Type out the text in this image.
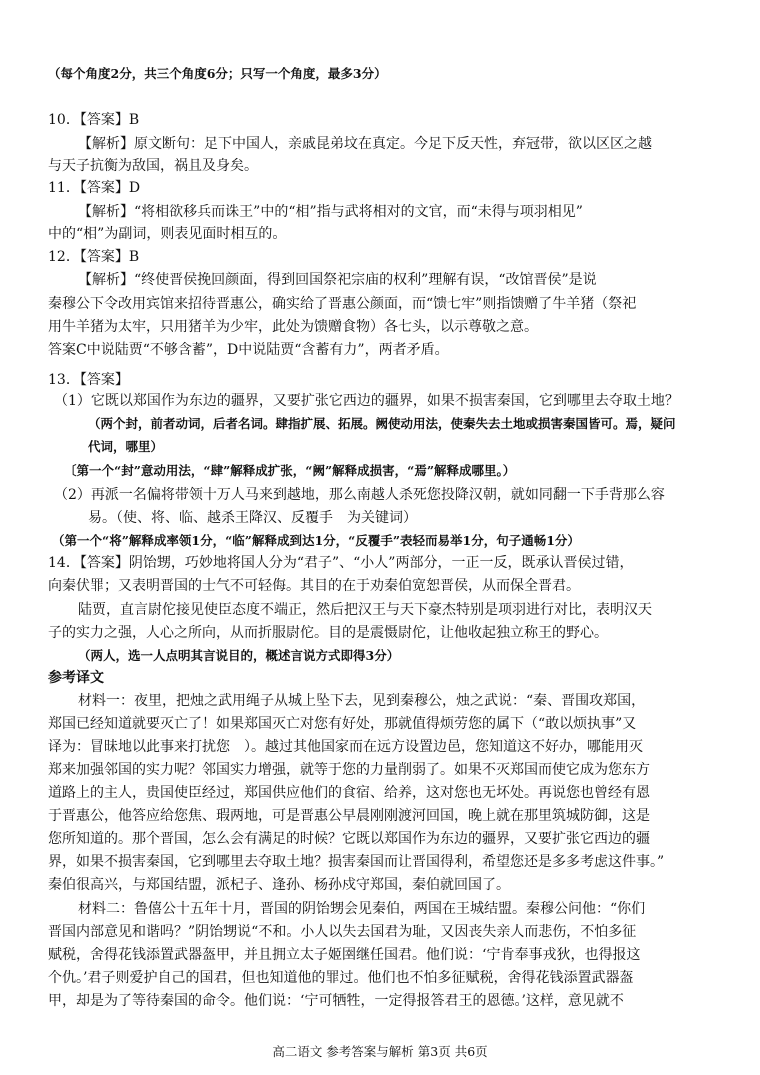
（每个角度2分，共三个角度6分；只写一个角度，最多3分）
10．【答案】B
【解析】原文断句：足下中国人，亲戚昆弟坟在真定。今足下反天性，弃冠带，欲以区区之越
与天子抗衡为敌国，祸且及身矣。
11．【答案】D
【解析】“将相欲移兵而诛王”中的“相”指与武将相对的文官，而“未得与项羽相见”
中的“相”为副词，则表见面时相互的。
12．【答案】B
【解析】“终使晋侯挽回颜面，得到回国祭祀宗庙的权利”理解有误，“改馆晋侯”是说
秦穆公下令改用宾馆来招待晋惠公，确实给了晋惠公颜面，而“馈七牢”则指馈赠了牛羊猪（祭祀
用牛羊猪为太牢，只用猪羊为少牢，此处为馈赠食物）各七头，以示尊敬之意。
答案C中说陆贾“不够含蓄”，D中说陆贾“含蓄有力”，两者矛盾。
13．【答案】
（1）它既以郑国作为东边的疆界，又要扩张它西边的疆界，如果不损害秦国，它到哪里去夺取土地？
（两个封，前者动词，后者名词。肆指扩展、拓展。阙使动用法，使秦失去土地或损害秦国皆可。焉，疑问
代词，哪里）
〔第一个“封”意动用法，“肆”解释成扩张，“阙”解释成损害，“焉”解释成哪里。）
（2）再派一名偏将带领十万人马来到越地，那么南越人杀死您投降汉朝，就如同翻一下手背那么容
易。（使、将、临、越杀王降汉、反覆手　为关键词）
（第一个“将”解释成率领1分，“临”解释成到达1分，“反覆手”表轻而易举1分，句子通畅1分）
14．【答案】阴饴甥，巧妙地将国人分为“君子”、“小人”两部分，一正一反，既承认晋侯过错，
向秦伏罪；又表明晋国的士气不可轻侮。其目的在于劝秦伯宽恕晋侯，从而保全晋君。
陆贾，直言尉佗接见使臣态度不端正，然后把汉王与天下豪杰特别是项羽进行对比，表明汉天
子的实力之强，人心之所向，从而折服尉佗。目的是震慑尉佗，让他收起独立称王的野心。
（两人，选一人点明其言说目的，概述言说方式即得3分）
参考译文
材料一：夜里，把烛之武用绳子从城上坠下去，见到秦穆公，烛之武说：“秦、晋围攻郑国，
郑国已经知道就要灭亡了！如果郑国灭亡对您有好处，那就值得烦劳您的属下（“敢以烦执事”又
译为：冒昧地以此事来打扰您　）。越过其他国家而在远方设置边邑，您知道这不好办，哪能用灭
郑来加强邻国的实力呢？邻国实力增强，就等于您的力量削弱了。如果不灭郑国而使它成为您东方
道路上的主人，贵国使臣经过，郑国供应他们的食宿、给养，这对您也无坏处。再说您也曾经有恩
于晋惠公，他答应给您焦、瑕两地，可是晋惠公早晨刚刚渡河回国，晚上就在那里筑城防御，这是
您所知道的。那个晋国，怎么会有满足的时候？它既以郑国作为东边的疆界，又要扩张它西边的疆
界，如果不损害秦国，它到哪里去夺取土地？损害秦国而让晋国得利，希望您还是多多考虑这件事。”
秦伯很高兴，与郑国结盟，派杞子、逢孙、杨孙戍守郑国，秦伯就回国了。
材料二：鲁僖公十五年十月，晋国的阴饴甥会见秦伯，两国在王城结盟。秦穆公问他：“你们
晋国内部意见和谐吗？”阴饴甥说“不和。小人以失去国君为耻，又因丧失亲人而悲伤，不怕多征
赋税，舍得花钱添置武器盔甲，并且拥立太子姬圉继任国君。他们说：‘宁肯奉事戎狄，也得报这
个仇。’君子则爱护自己的国君，但也知道他的罪过。他们也不怕多征赋税，舍得花钱添置武器盔
甲，却是为了等待秦国的命令。他们说：‘宁可牺牲，一定得报答君王的恩德。’这样，意见就不
高二语文 参考答案与解析 第3页 共6页
